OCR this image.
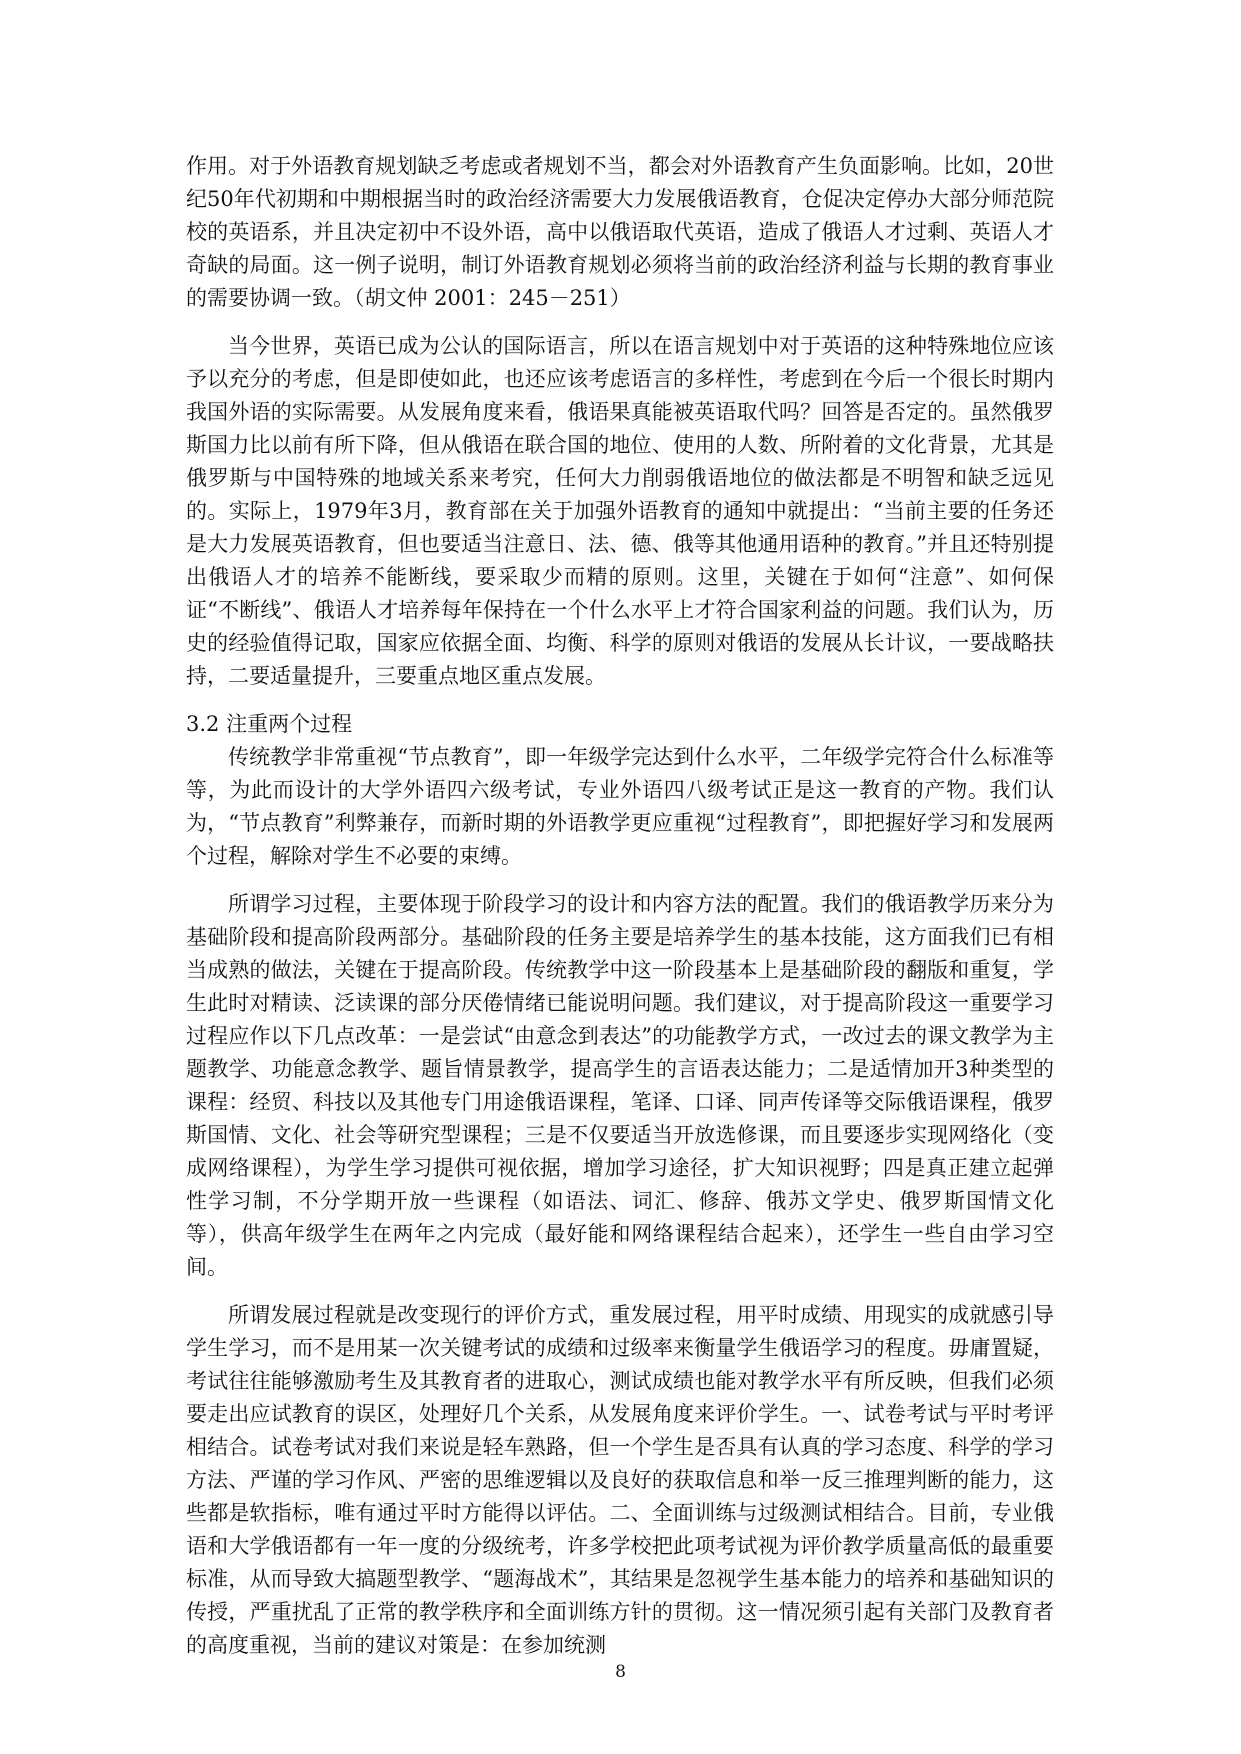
作用。对于外语教育规划缺乏考虑或者规划不当，都会对外语教育产生负面影响。比如，20世纪50年代初期和中期根据当时的政治经济需要大力发展俄语教育，仓促决定停办大部分师范院校的英语系，并且决定初中不设外语，高中以俄语取代英语，造成了俄语人才过剩、英语人才奇缺的局面。这一例子说明，制订外语教育规划必须将当前的政治经济利益与长期的教育事业的需要协调一致。（胡文仲 2001：245－251）

当今世界，英语已成为公认的国际语言，所以在语言规划中对于英语的这种特殊地位应该予以充分的考虑，但是即使如此，也还应该考虑语言的多样性，考虑到在今后一个很长时期内我国外语的实际需要。从发展角度来看，俄语果真能被英语取代吗？回答是否定的。虽然俄罗斯国力比以前有所下降，但从俄语在联合国的地位、使用的人数、所附着的文化背景，尤其是俄罗斯与中国特殊的地域关系来考究，任何大力削弱俄语地位的做法都是不明智和缺乏远见的。实际上，1979年3月，教育部在关于加强外语教育的通知中就提出：“当前主要的任务还是大力发展英语教育，但也要适当注意日、法、德、俄等其他通用语种的教育。”并且还特别提出俄语人才的培养不能断线，要采取少而精的原则。这里，关键在于如何“注意”、如何保证“不断线”、俄语人才培养每年保持在一个什么水平上才符合国家利益的问题。我们认为，历史的经验值得记取，国家应依据全面、均衡、科学的原则对俄语的发展从长计议，一要战略扶持，二要适量提升，三要重点地区重点发展。

3.2 注重两个过程

传统教学非常重视“节点教育”，即一年级学完达到什么水平，二年级学完符合什么标准等等，为此而设计的大学外语四六级考试，专业外语四八级考试正是这一教育的产物。我们认为，“节点教育”利弊兼存，而新时期的外语教学更应重视“过程教育”，即把握好学习和发展两个过程，解除对学生不必要的束缚。

所谓学习过程，主要体现于阶段学习的设计和内容方法的配置。我们的俄语教学历来分为基础阶段和提高阶段两部分。基础阶段的任务主要是培养学生的基本技能，这方面我们已有相当成熟的做法，关键在于提高阶段。传统教学中这一阶段基本上是基础阶段的翻版和重复，学生此时对精读、泛读课的部分厌倦情绪已能说明问题。我们建议，对于提高阶段这一重要学习过程应作以下几点改革：一是尝试“由意念到表达”的功能教学方式，一改过去的课文教学为主题教学、功能意念教学、题旨情景教学，提高学生的言语表达能力；二是适情加开3种类型的课程：经贸、科技以及其他专门用途俄语课程，笔译、口译、同声传译等交际俄语课程，俄罗斯国情、文化、社会等研究型课程；三是不仅要适当开放选修课，而且要逐步实现网络化（变成网络课程），为学生学习提供可视依据，增加学习途径，扩大知识视野；四是真正建立起弹性学习制，不分学期开放一些课程（如语法、词汇、修辞、俄苏文学史、俄罗斯国情文化等），供高年级学生在两年之内完成（最好能和网络课程结合起来），还学生一些自由学习空间。

所谓发展过程就是改变现行的评价方式，重发展过程，用平时成绩、用现实的成就感引导学生学习，而不是用某一次关键考试的成绩和过级率来衡量学生俄语学习的程度。毋庸置疑，考试往往能够激励考生及其教育者的进取心，测试成绩也能对教学水平有所反映，但我们必须要走出应试教育的误区，处理好几个关系，从发展角度来评价学生。一、试卷考试与平时考评相结合。试卷考试对我们来说是轻车熟路，但一个学生是否具有认真的学习态度、科学的学习方法、严谨的学习作风、严密的思维逻辑以及良好的获取信息和举一反三推理判断的能力，这些都是软指标，唯有通过平时方能得以评估。二、全面训练与过级测试相结合。目前，专业俄语和大学俄语都有一年一度的分级统考，许多学校把此项考试视为评价教学质量高低的最重要标准，从而导致大搞题型教学、“题海战术”，其结果是忽视学生基本能力的培养和基础知识的传授，严重扰乱了正常的教学秩序和全面训练方针的贯彻。这一情况须引起有关部门及教育者的高度重视，当前的建议对策是：在参加统测

8
